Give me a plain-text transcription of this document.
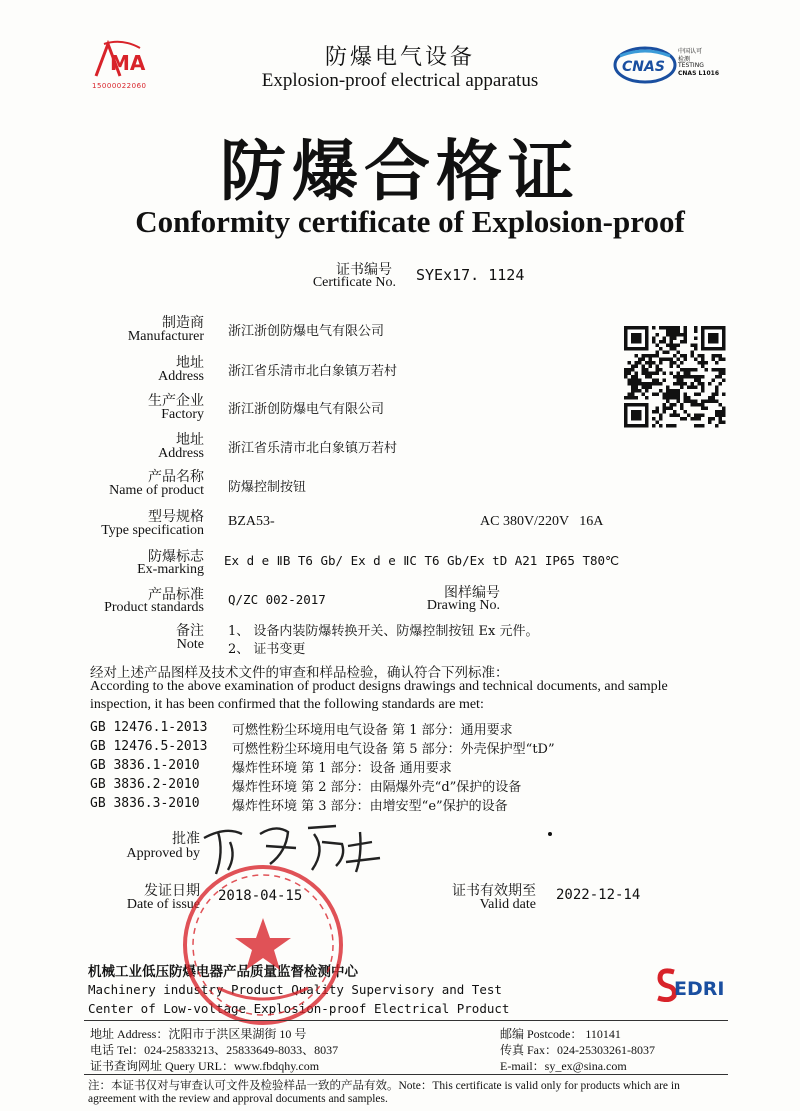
MA
15000022060
防爆电气设备
Explosion-proof electrical apparatus
CNAS
中国认可
检测
TESTING
CNAS L1016
防爆合格证
Conformity certificate of Explosion-proof
证书编号
Certificate No. SYEx17. 1124
制造商
Manufacturer 浙江浙创防爆电气有限公司
地址
Address 浙江省乐清市北白象镇万若村
生产企业
Factory 浙江浙创防爆电气有限公司
地址
Address 浙江省乐清市北白象镇万若村
产品名称
Name of product 防爆控制按钮
型号规格
Type specification
BZA53-	AC 380V/220V   16A
防爆标志
Ex-marking
Ex d e ⅡB T6 Gb/ Ex d e ⅡC T6 Gb/Ex tD A21 IP65 T80℃
产品标准
Product standards
Q/ZC 002-2017	图样编号
Drawing No.
备注
Note
1、 设备内装防爆转换开关、防爆控制按钮 Ex 元件。
2、 证书变更
经对上述产品图样及技术文件的审查和样品检验，确认符合下列标准：
According to the above examination of product designs drawings and technical documents, and sample
inspection, it has been confirmed that the following standards are met:
GB 12476.1-2013 可燃性粉尘环境用电气设备 第 1 部分：通用要求
GB 12476.5-2013 可燃性粉尘环境用电气设备 第 5 部分：外壳保护型“tD”
GB 3836.1-2010 爆炸性环境 第 1 部分：设备 通用要求
GB 3836.2-2010 爆炸性环境 第 2 部分：由隔爆外壳“d”保护的设备
GB 3836.3-2010 爆炸性环境 第 3 部分：由增安型“e”保护的设备
批准
Approved by
发证日期
Date of issue
2018-04-15	证书有效期至
Valid date
2022-12-14
机械工业低压防爆电器产品质量监督检测中心
Machinery industry Product Quality Supervisory and Test
Center of Low-voltage Explosion-proof Electrical Product
EDRI
地址 Address：沈阳市于洪区果湖街 10 号	邮编 Postcode： 110141
电话 Tel：024-25833213、25833649-8033、8037	传真 Fax：024-25303261-8037
证书查询网址 Query URL：www.fbdqhy.com	E-mail：sy_ex@sina.com
注：本证书仅对与审查认可文件及检验样品一致的产品有效。Note：This certificate is valid only for products which are in
agreement with the review and approval documents and samples.
